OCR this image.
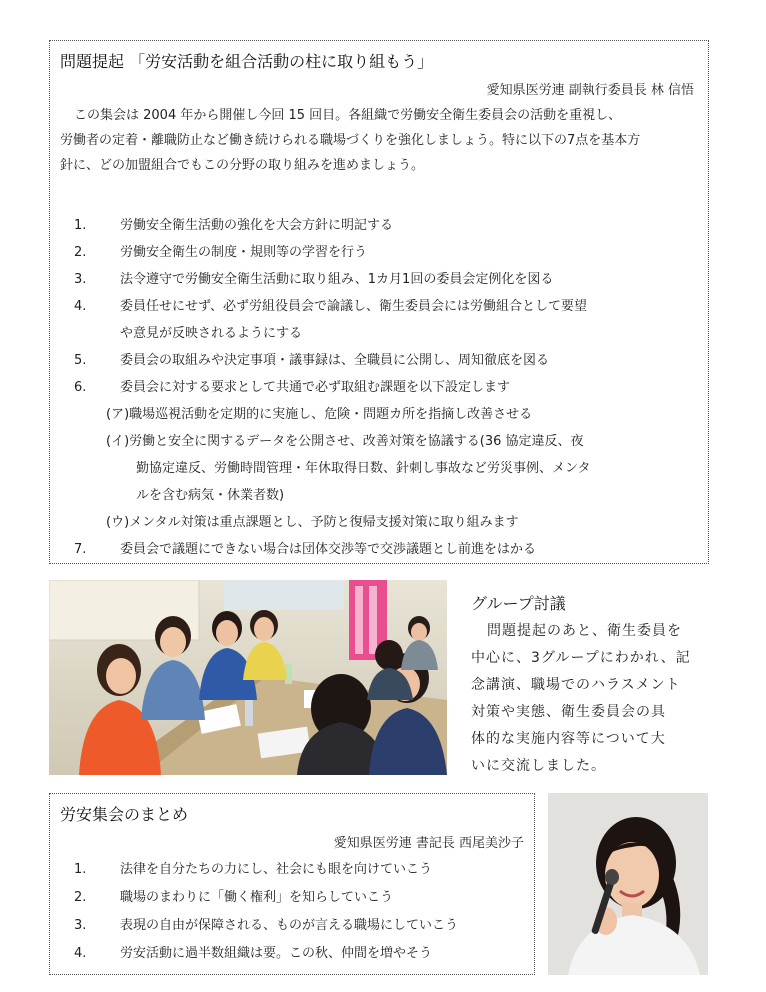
問題提起 「労安活動を組合活動の柱に取り組もう」
愛知県医労連 副執行委員長 林 信悟
この集会は 2004 年から開催し今回 15 回目。各組織で労働安全衛生委員会の活動を重視し、
労働者の定着・離職防止など働き続けられる職場づくりを強化しましょう。特に以下の7点を基本方
針に、どの加盟組合でもこの分野の取り組みを進めましょう。
1.	労働安全衛生活動の強化を大会方針に明記する
2.	労働安全衛生の制度・規則等の学習を行う
3.	法令遵守で労働安全衛生活動に取り組み、1カ月1回の委員会定例化を図る
4.	委員任せにせず、必ず労組役員会で論議し、衛生委員会には労働組合として要望
や意見が反映されるようにする
5.	委員会の取組みや決定事項・議事録は、全職員に公開し、周知徹底を図る
6.	委員会に対する要求として共通で必ず取組む課題を以下設定します
(ア)職場巡視活動を定期的に実施し、危険・問題カ所を指摘し改善させる
(イ)労働と安全に関するデータを公開させ、改善対策を協議する(36 協定違反、夜
勤協定違反、労働時間管理・年休取得日数、針刺し事故など労災事例、メンタ
ルを含む病気・休業者数)
(ウ)メンタル対策は重点課題とし、予防と復帰支援対策に取り組みます
7.	委員会で議題にできない場合は団体交渉等で交渉議題とし前進をはかる
グループ討議
問題提起のあと、衛生委員を
中心に、3グループにわかれ、記
念講演、職場でのハラスメント
対策や実態、衛生委員会の具
体的な実施内容等について大
いに交流しました。
労安集会のまとめ
愛知県医労連 書記長 西尾美沙子
1.	法律を自分たちの力にし、社会にも眼を向けていこう
2.	職場のまわりに「働く権利」を知らしていこう
3.	表現の自由が保障される、ものが言える職場にしていこう
4.	労安活動に過半数組織は要。この秋、仲間を増やそう
